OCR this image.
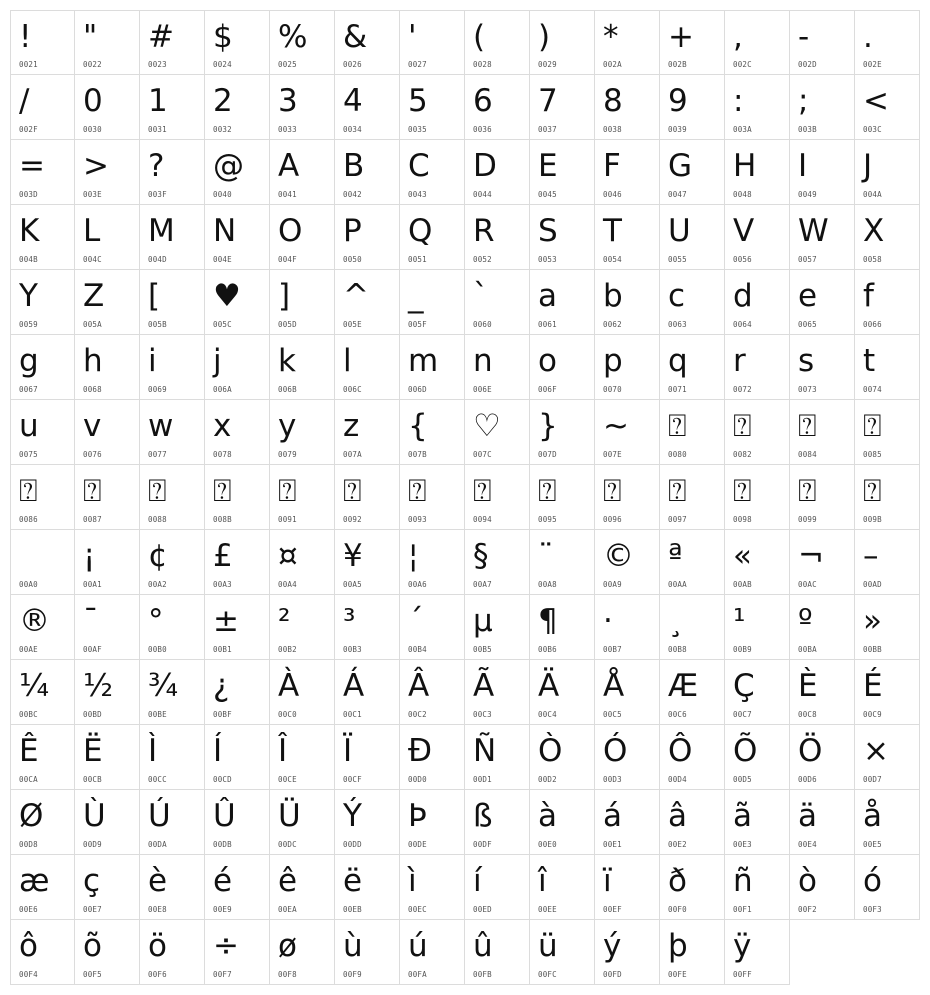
!
0021
"
0022
#
0023
$
0024
%
0025
&
0026
'
0027
(
0028
)
0029
*
002A
+
002B
,
002C
-
002D
.
002E
/
002F
0
0030
1
0031
2
0032
3
0033
4
0034
5
0035
6
0036
7
0037
8
0038
9
0039
:
003A
;
003B
<
003C
=
003D
>
003E
?
003F
@
0040
A
0041
B
0042
C
0043
D
0044
E
0045
F
0046
G
0047
H
0048
I
0049
J
004A
K
004B
L
004C
M
004D
N
004E
O
004F
P
0050
Q
0051
R
0052
S
0053
T
0054
U
0055
V
0056
W
0057
X
0058
Y
0059
Z
005A
[
005B
♥
005C
]
005D
^
005E
_
005F
`
0060
a
0061
b
0062
c
0063
d
0064
e
0065
f
0066
g
0067
h
0068
i
0069
j
006A
k
006B
l
006C
m
006D
n
006E
o
006F
p
0070
q
0071
r
0072
s
0073
t
0074
u
0075
v
0076
w
0077
x
0078
y
0079
z
007A
{
007B
♡
007C
}
007D
~
007E
⍰
0080
⍰
0082
⍰
0084
⍰
0085
⍰
0086
⍰
0087
⍰
0088
⍰
008B
⍰
0091
⍰
0092
⍰
0093
⍰
0094
⍰
0095
⍰
0096
⍰
0097
⍰
0098
⍰
0099
⍰
009B
00A0
¡
00A1
¢
00A2
£
00A3
¤
00A4
¥
00A5
¦
00A6
§
00A7
¨
00A8
©
00A9
ª
00AA
«
00AB
¬
00AC
–
00AD
®
00AE
¯
00AF
°
00B0
±
00B1
²
00B2
³
00B3
´
00B4
µ
00B5
¶
00B6
·
00B7
¸
00B8
¹
00B9
º
00BA
»
00BB
¼
00BC
½
00BD
¾
00BE
¿
00BF
À
00C0
Á
00C1
Â
00C2
Ã
00C3
Ä
00C4
Å
00C5
Æ
00C6
Ç
00C7
È
00C8
É
00C9
Ê
00CA
Ë
00CB
Ì
00CC
Í
00CD
Î
00CE
Ï
00CF
Ð
00D0
Ñ
00D1
Ò
00D2
Ó
00D3
Ô
00D4
Õ
00D5
Ö
00D6
×
00D7
Ø
00D8
Ù
00D9
Ú
00DA
Û
00DB
Ü
00DC
Ý
00DD
Þ
00DE
ß
00DF
à
00E0
á
00E1
â
00E2
ã
00E3
ä
00E4
å
00E5
æ
00E6
ç
00E7
è
00E8
é
00E9
ê
00EA
ë
00EB
ì
00EC
í
00ED
î
00EE
ï
00EF
ð
00F0
ñ
00F1
ò
00F2
ó
00F3
ô
00F4
õ
00F5
ö
00F6
÷
00F7
ø
00F8
ù
00F9
ú
00FA
û
00FB
ü
00FC
ý
00FD
þ
00FE
ÿ
00FF
